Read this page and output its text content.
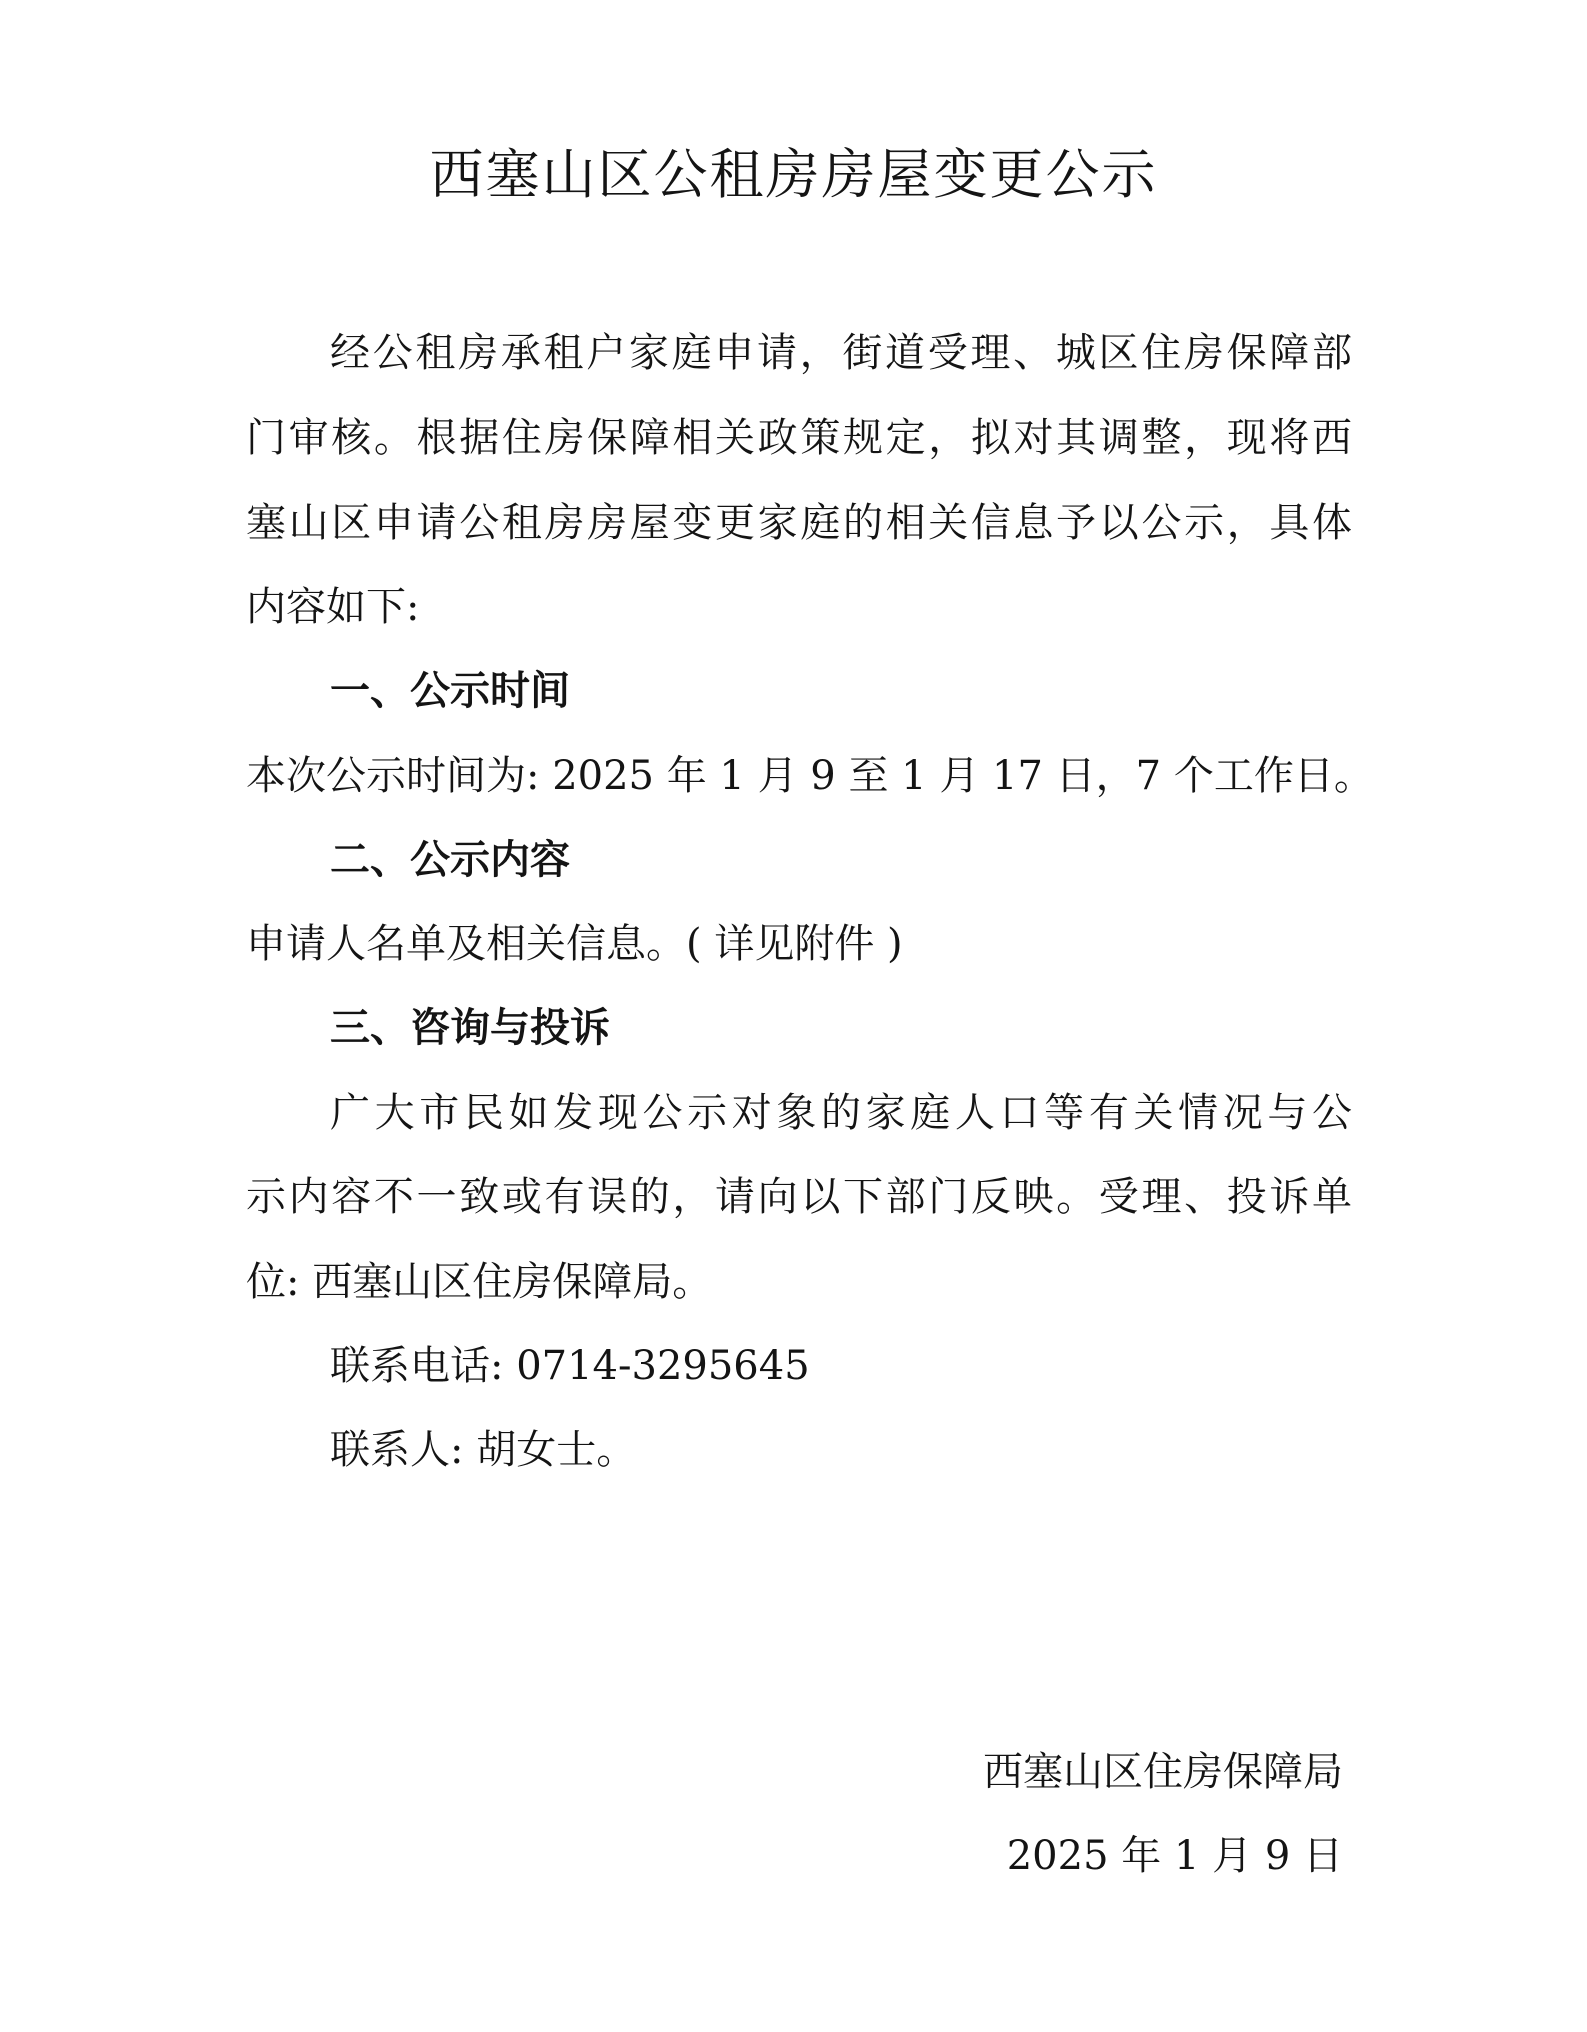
西塞山区公租房房屋变更公示
经公租房承租户家庭申请，街道受理、城区住房保障部
门审核。根据住房保障相关政策规定，拟对其调整，现将西
塞山区申请公租房房屋变更家庭的相关信息予以公示，具体
内容如下:
一、公示时间
本次公示时间为: 2025 年 1 月 9 至 1 月 17 日，7 个工作日。
二、公示内容
申请人名单及相关信息。( 详见附件 )
三、咨询与投诉
广大市民如发现公示对象的家庭人口等有关情况与公
示内容不一致或有误的，请向以下部门反映。受理、投诉单
位: 西塞山区住房保障局。
联系电话: 0714-3295645
联系人: 胡女士。
西塞山区住房保障局
2025 年 1 月 9 日
